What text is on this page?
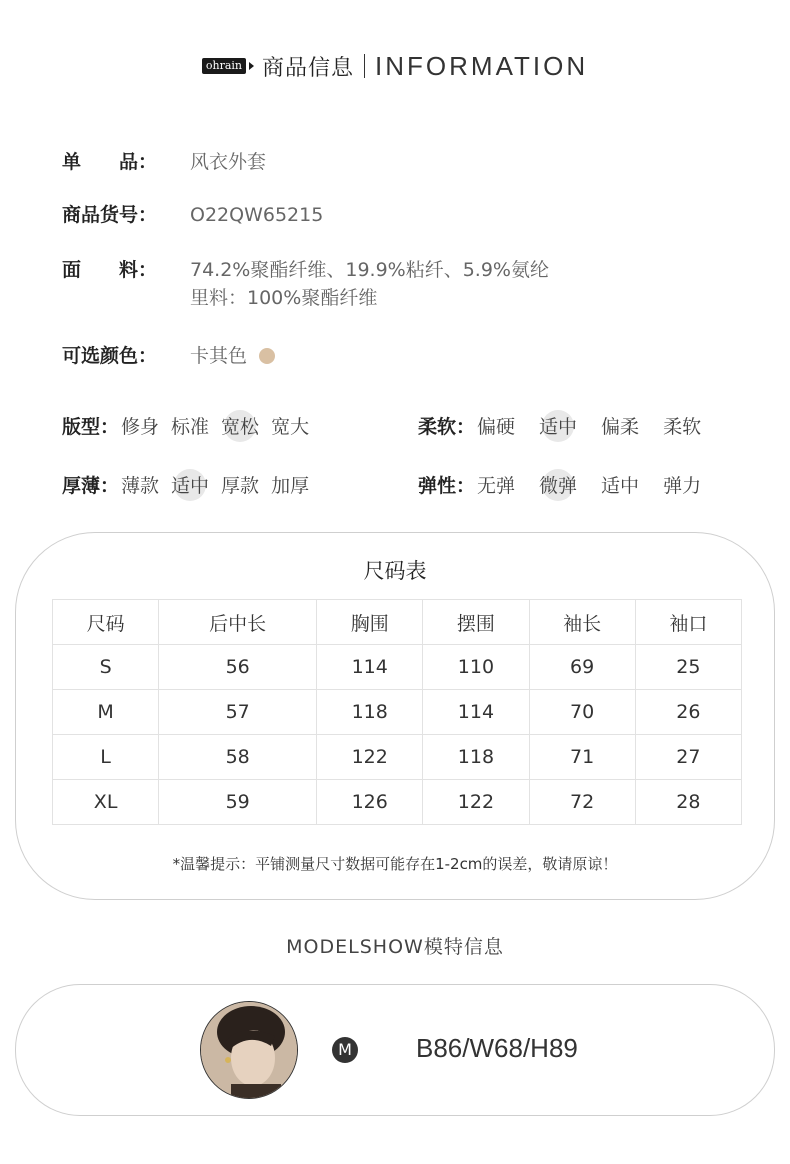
ohrain 商品信息 INFORMATION
单　　品：	风衣外套
商品货号：	O22QW65215
面　　料：	74.2%聚酯纤维、19.9%粘纤、5.9%氨纶
里料：100%聚酯纤维
可选颜色：	卡其色
版型： 修身 标准 宽松 宽大	柔软： 偏硬 适中 偏柔 柔软
厚薄： 薄款 适中 厚款 加厚	弹性： 无弹 微弹 适中 弹力
尺码表
尺码	后中长	胸围	摆围	袖长	袖口
S	56	114	110	69	25
M	57	118	114	70	26
L	58	122	118	71	27
XL	59	126	122	72	28
*温馨提示：平铺测量尺寸数据可能存在1-2cm的误差，敬请原谅！
MODELSHOW模特信息
M B86/W68/H89
